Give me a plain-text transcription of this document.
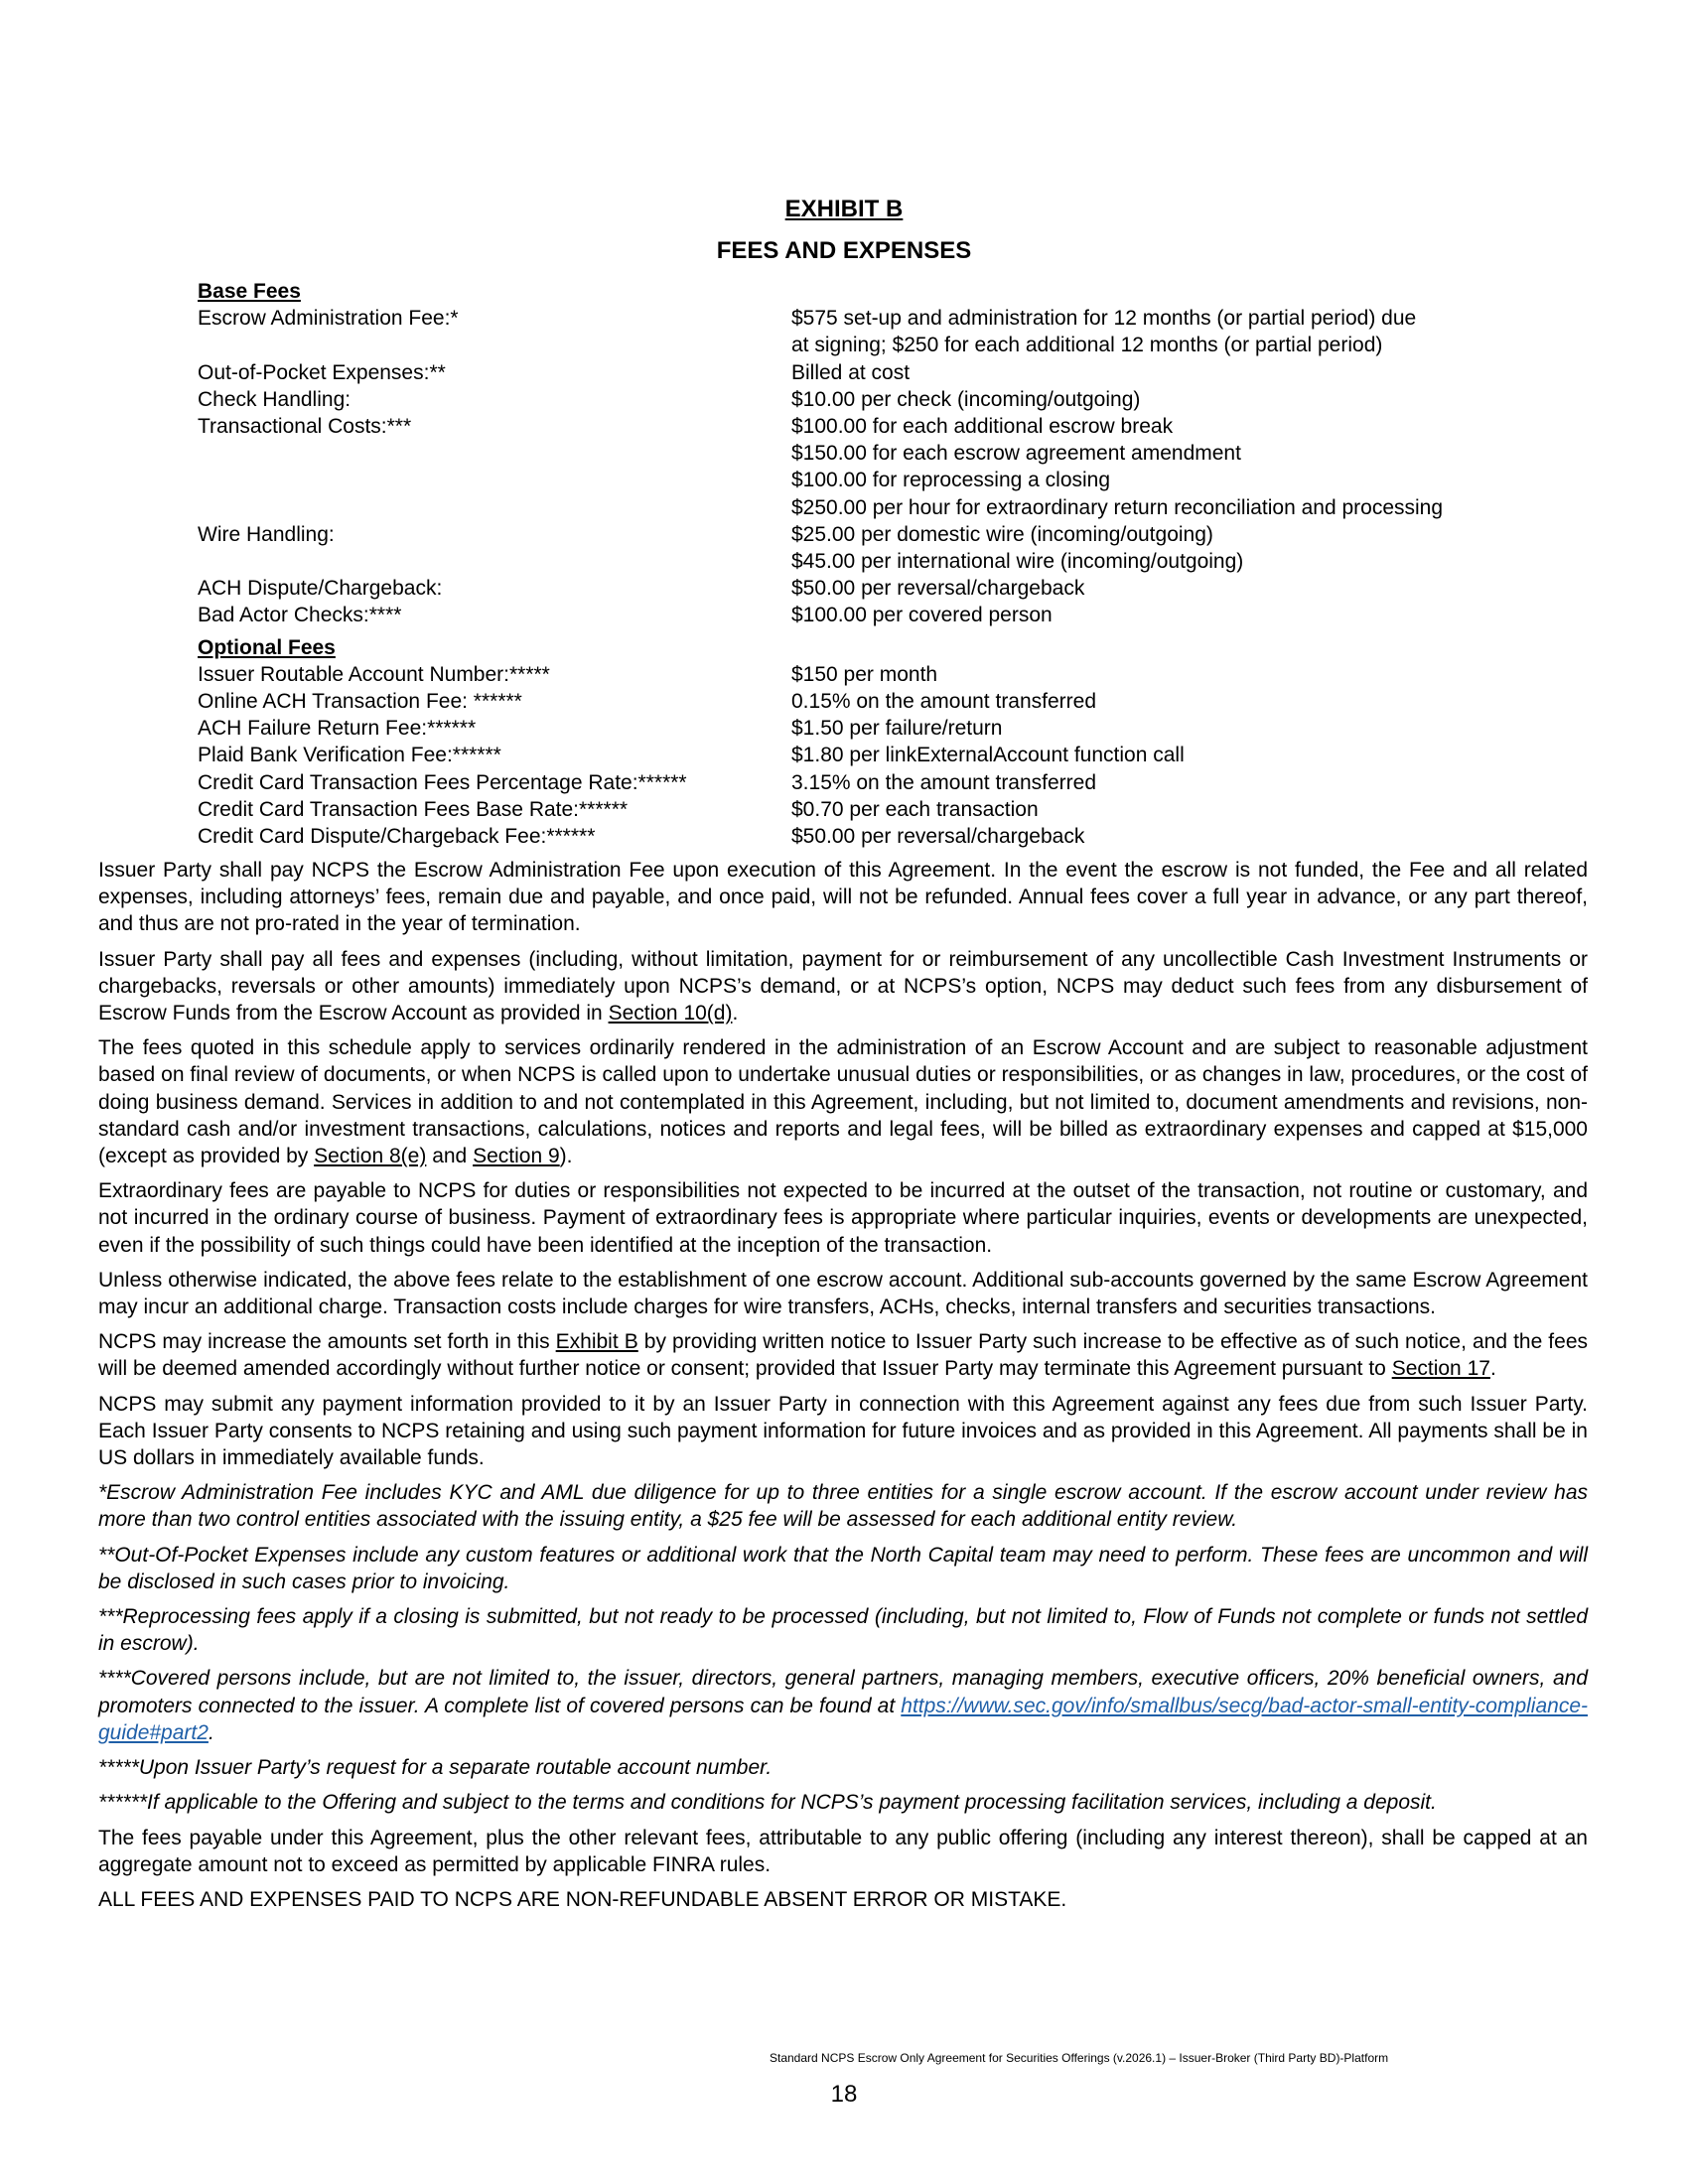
EXHIBIT B
FEES AND EXPENSES
Base Fees
Escrow Administration Fee:*	$575 set-up and administration for 12 months (or partial period) due
at signing; $250 for each additional 12 months (or partial period)
Out-of-Pocket Expenses:**	Billed at cost
Check Handling:	$10.00 per check (incoming/outgoing)
Transactional Costs:***	$100.00 for each additional escrow break
$150.00 for each escrow agreement amendment
$100.00 for reprocessing a closing
$250.00 per hour for extraordinary return reconciliation and processing
Wire Handling:	$25.00 per domestic wire (incoming/outgoing)
$45.00 per international wire (incoming/outgoing)
ACH Dispute/Chargeback:	$50.00 per reversal/chargeback
Bad Actor Checks:****	$100.00 per covered person
Optional Fees
Issuer Routable Account Number:*****	$150 per month
Online ACH Transaction Fee: ******	0.15% on the amount transferred
ACH Failure Return Fee:******	$1.50 per failure/return
Plaid Bank Verification Fee:******	$1.80 per linkExternalAccount function call
Credit Card Transaction Fees Percentage Rate:******	3.15% on the amount transferred
Credit Card Transaction Fees Base Rate:******	$0.70 per each transaction
Credit Card Dispute/Chargeback Fee:******	$50.00 per reversal/chargeback

Issuer Party shall pay NCPS the Escrow Administration Fee upon execution of this Agreement. In the event the escrow is not funded, the Fee and all related expenses, including attorneys’ fees, remain due and payable, and once paid, will not be refunded. Annual fees cover a full year in advance, or any part thereof, and thus are not pro-rated in the year of termination.

Issuer Party shall pay all fees and expenses (including, without limitation, payment for or reimbursement of any uncollectible Cash Investment Instruments or chargebacks, reversals or other amounts) immediately upon NCPS’s demand, or at NCPS’s option, NCPS may deduct such fees from any disbursement of Escrow Funds from the Escrow Account as provided in Section 10(d).

The fees quoted in this schedule apply to services ordinarily rendered in the administration of an Escrow Account and are subject to reasonable adjustment based on final review of documents, or when NCPS is called upon to undertake unusual duties or responsibilities, or as changes in law, procedures, or the cost of doing business demand. Services in addition to and not contemplated in this Agreement, including, but not limited to, document amendments and revisions, non-standard cash and/or investment transactions, calculations, notices and reports and legal fees, will be billed as extraordinary expenses and capped at $15,000 (except as provided by Section 8(e) and Section 9).

Extraordinary fees are payable to NCPS for duties or responsibilities not expected to be incurred at the outset of the transaction, not routine or customary, and not incurred in the ordinary course of business. Payment of extraordinary fees is appropriate where particular inquiries, events or developments are unexpected, even if the possibility of such things could have been identified at the inception of the transaction.

Unless otherwise indicated, the above fees relate to the establishment of one escrow account. Additional sub-accounts governed by the same Escrow Agreement may incur an additional charge. Transaction costs include charges for wire transfers, ACHs, checks, internal transfers and securities transactions.

NCPS may increase the amounts set forth in this Exhibit B by providing written notice to Issuer Party such increase to be effective as of such notice, and the fees will be deemed amended accordingly without further notice or consent; provided that Issuer Party may terminate this Agreement pursuant to Section 17.

NCPS may submit any payment information provided to it by an Issuer Party in connection with this Agreement against any fees due from such Issuer Party. Each Issuer Party consents to NCPS retaining and using such payment information for future invoices and as provided in this Agreement. All payments shall be in US dollars in immediately available funds.

*Escrow Administration Fee includes KYC and AML due diligence for up to three entities for a single escrow account. If the escrow account under review has more than two control entities associated with the issuing entity, a $25 fee will be assessed for each additional entity review.

**Out-Of-Pocket Expenses include any custom features or additional work that the North Capital team may need to perform. These fees are uncommon and will be disclosed in such cases prior to invoicing.

***Reprocessing fees apply if a closing is submitted, but not ready to be processed (including, but not limited to, Flow of Funds not complete or funds not settled in escrow).

****Covered persons include, but are not limited to, the issuer, directors, general partners, managing members, executive officers, 20% beneficial owners, and promoters connected to the issuer. A complete list of covered persons can be found at https://www.sec.gov/info/smallbus/secg/bad-actor-small-entity-compliance-guide#part2.

*****Upon Issuer Party’s request for a separate routable account number.

******If applicable to the Offering and subject to the terms and conditions for NCPS’s payment processing facilitation services, including a deposit.

The fees payable under this Agreement, plus the other relevant fees, attributable to any public offering (including any interest thereon), shall be capped at an aggregate amount not to exceed as permitted by applicable FINRA rules.

ALL FEES AND EXPENSES PAID TO NCPS ARE NON-REFUNDABLE ABSENT ERROR OR MISTAKE.

Standard NCPS Escrow Only Agreement for Securities Offerings (v.2026.1) – Issuer-Broker (Third Party BD)-Platform
18
